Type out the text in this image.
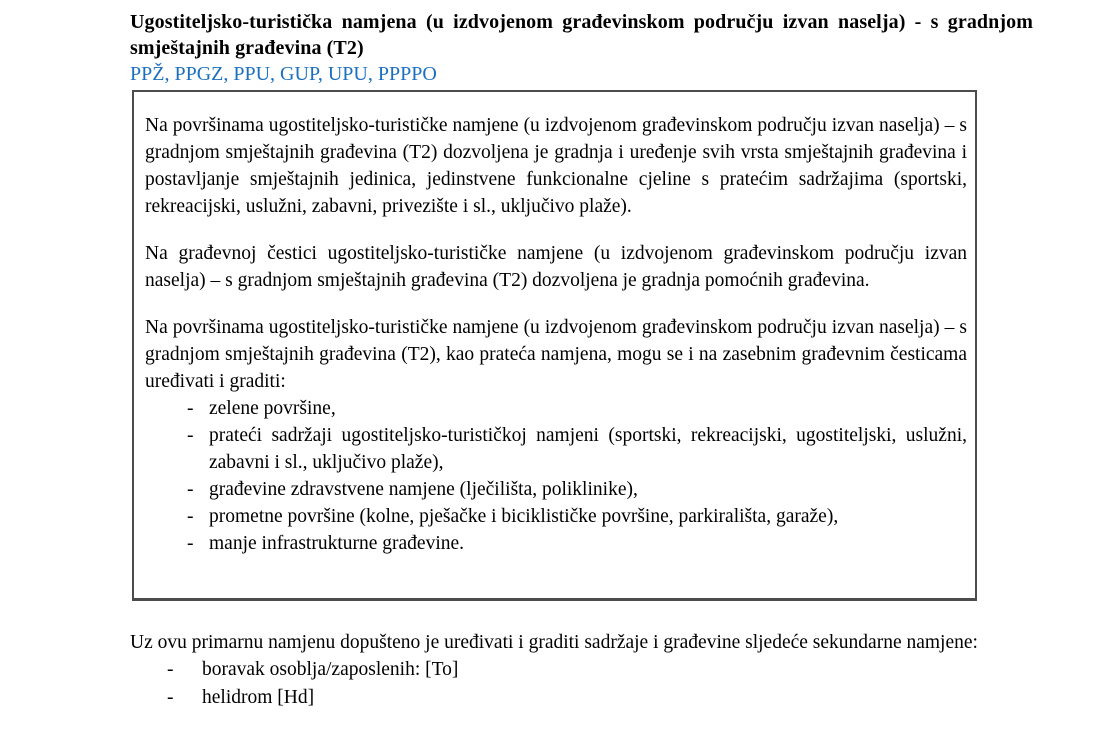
Ugostiteljsko-turistička namjena (u izdvojenom građevinskom području izvan naselja) - s gradnjom smještajnih građevina (T2)
PPŽ, PPGZ, PPU, GUP, UPU, PPPPO

Na površinama ugostiteljsko-turističke namjene (u izdvojenom građevinskom području izvan naselja) – s gradnjom smještajnih građevina (T2) dozvoljena je gradnja i uređenje svih vrsta smještajnih građevina i postavljanje smještajnih jedinica, jedinstvene funkcionalne cjeline s pratećim sadržajima (sportski, rekreacijski, uslužni, zabavni, privezište i sl., uključivo plaže).

Na građevnoj čestici ugostiteljsko-turističke namjene (u izdvojenom građevinskom području izvan naselja) – s gradnjom smještajnih građevina (T2) dozvoljena je gradnja pomoćnih građevina.

Na površinama ugostiteljsko-turističke namjene (u izdvojenom građevinskom području izvan naselja) – s gradnjom smještajnih građevina (T2), kao prateća namjena, mogu se i na zasebnim građevnim česticama uređivati i graditi:

- zelene površine,
- prateći sadržaji ugostiteljsko-turističkoj namjeni (sportski, rekreacijski, ugostiteljski, uslužni, zabavni i sl., uključivo plaže),
- građevine zdravstvene namjene (lječilišta, poliklinike),
- prometne površine (kolne, pješačke i biciklističke površine, parkirališta, garaže),
- manje infrastrukturne građevine.

Uz ovu primarnu namjenu dopušteno je uređivati i graditi sadržaje i građevine sljedeće sekundarne namjene:

- boravak osoblja/zaposlenih: [To]
- helidrom [Hd]
